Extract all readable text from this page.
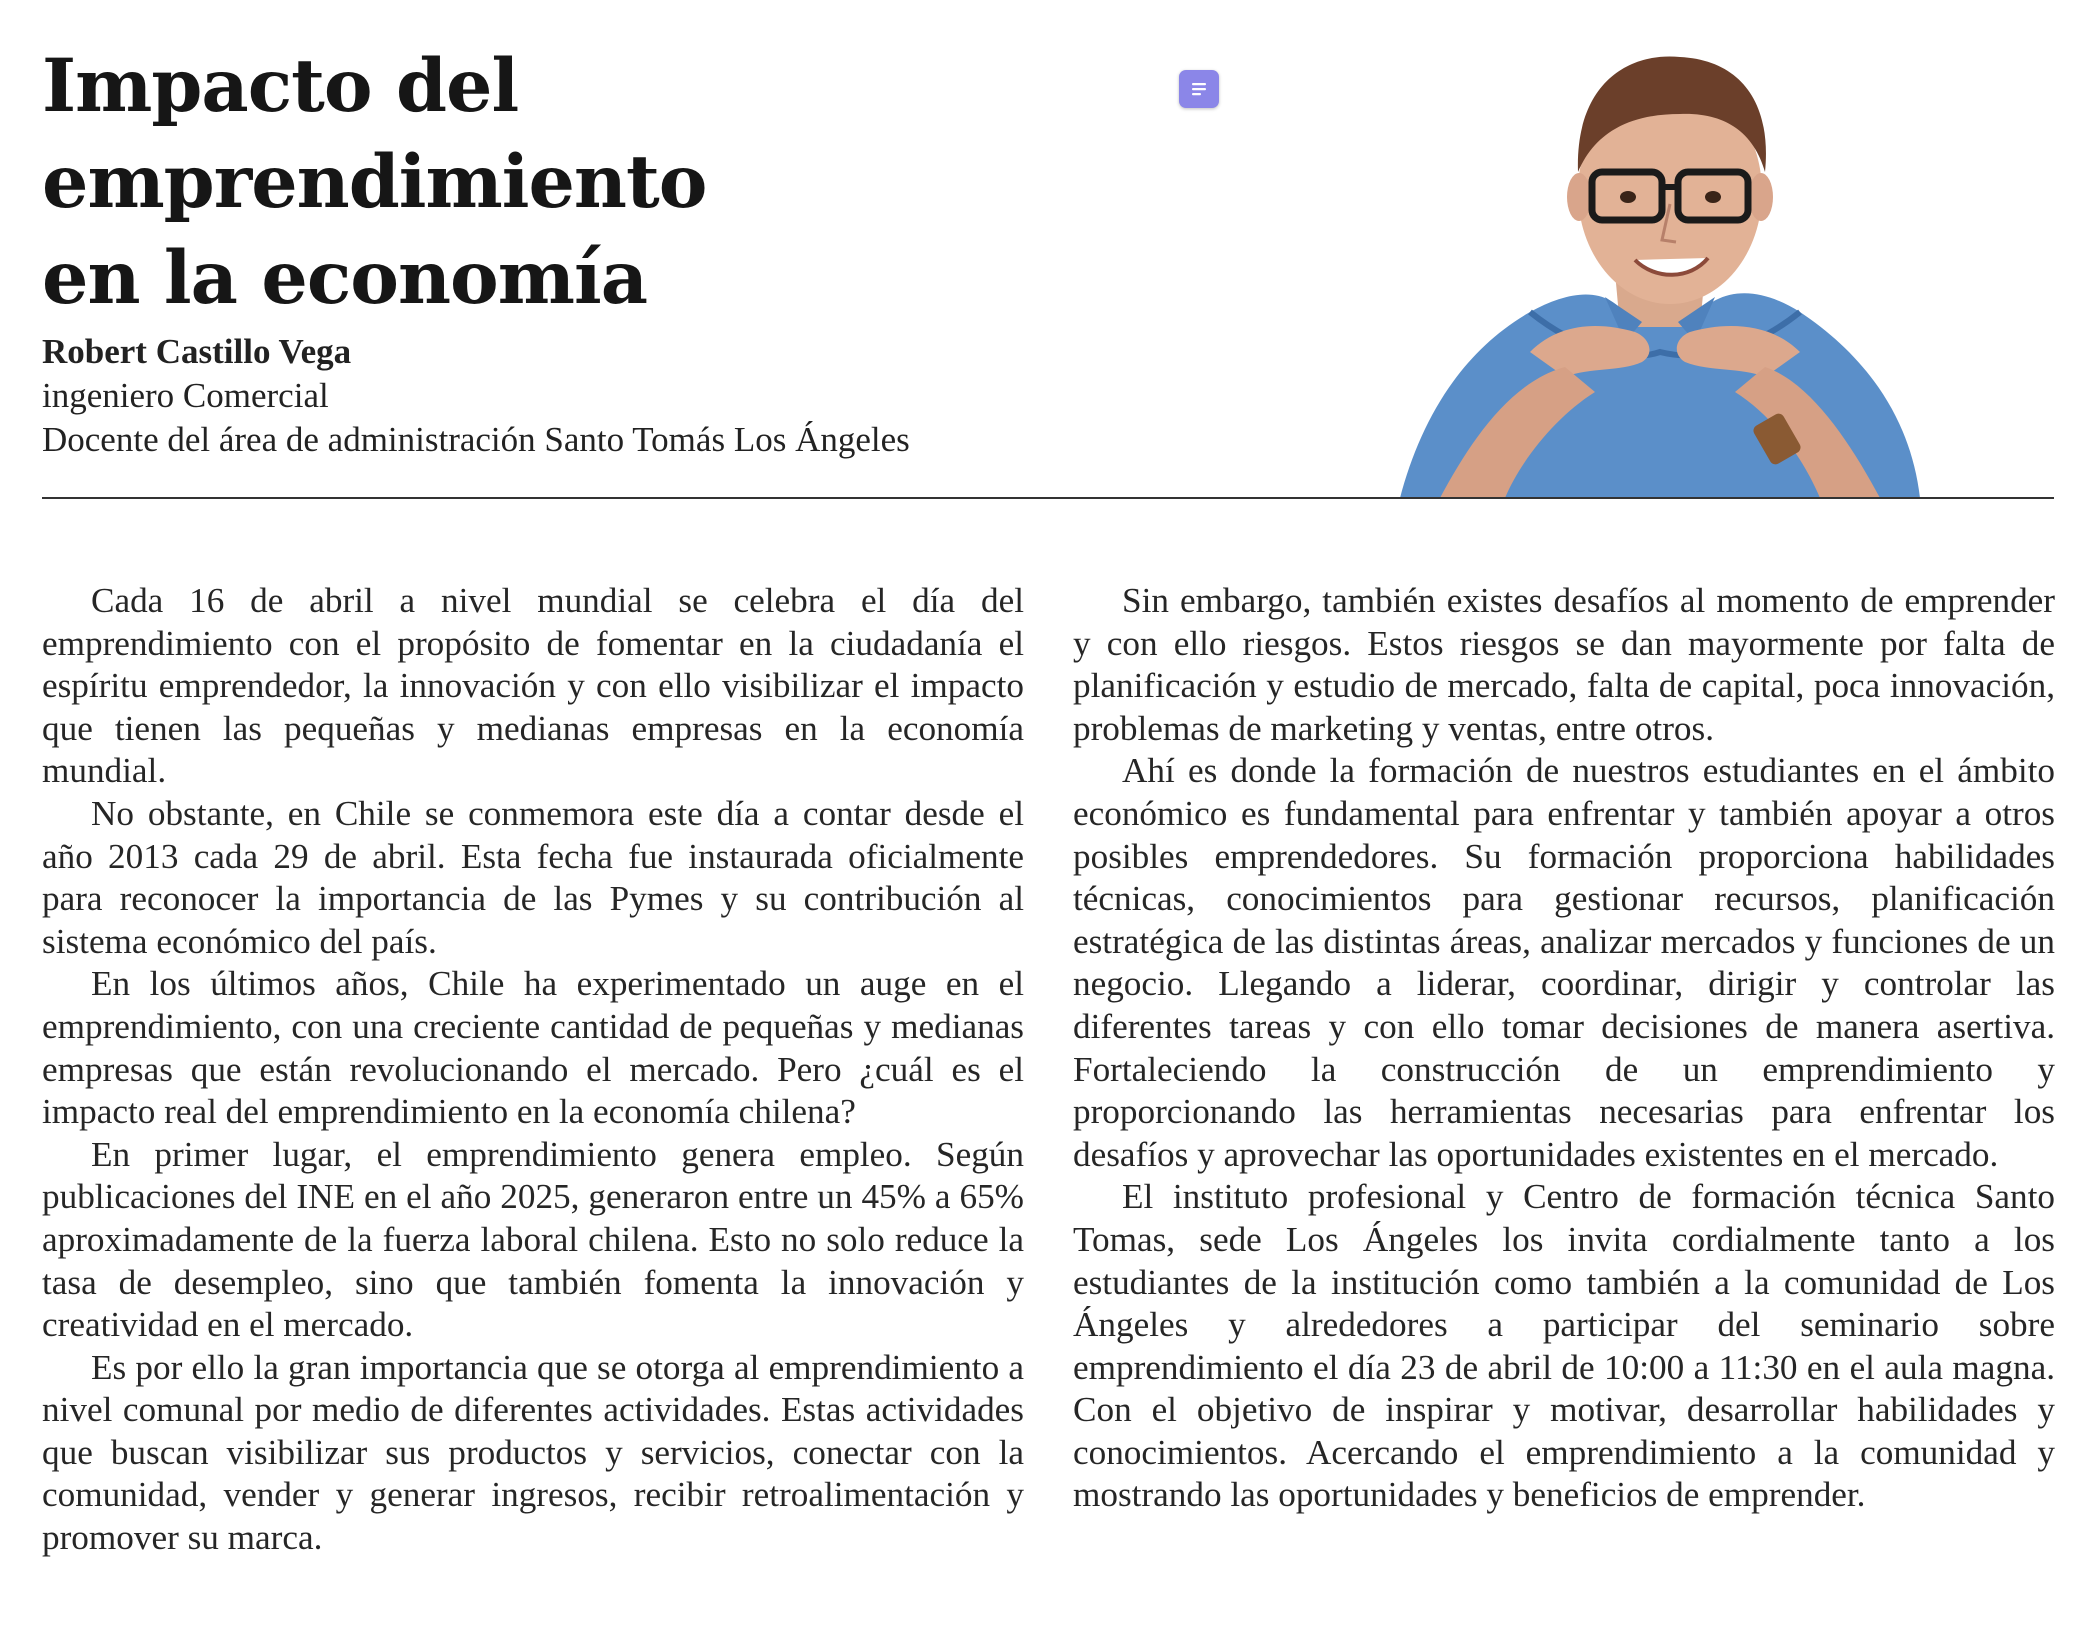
Impacto del emprendimiento
en la economía
Robert Castillo Vega
ingeniero Comercial
Docente del área de administración Santo Tomás Los Ángeles

Cada 16 de abril a nivel mundial se celebra el día del emprendimiento con el propósito de fomentar en la ciudadanía el espíritu emprendedor, la innovación y con ello visibilizar el impacto que tienen las pequeñas y medianas empresas en la economía mundial.

No obstante, en Chile se conmemora este día a contar desde el año 2013 cada 29 de abril. Esta fecha fue instaurada oficialmente para reconocer la importancia de las Pymes y su contribución al sistema económico del país.

En los últimos años, Chile ha experimentado un auge en el emprendimiento, con una creciente cantidad de pequeñas y medianas empresas que están revolucionando el mercado. Pero ¿cuál es el impacto real del emprendimiento en la economía chilena?

En primer lugar, el emprendimiento genera empleo. Según publicaciones del INE en el año 2025, generaron entre un 45% a 65% aproximadamente de la fuerza laboral chilena. Esto no solo reduce la tasa de desempleo, sino que también fomenta la innovación y creatividad en el mercado.

Es por ello la gran importancia que se otorga al emprendimiento a nivel comunal por medio de diferentes actividades. Estas actividades que buscan visibilizar sus productos y servicios, conectar con la comunidad, vender y generar ingresos, recibir retroalimentación y promover su marca.

Sin embargo, también existes desafíos al momento de emprender y con ello riesgos. Estos riesgos se dan mayormente por falta de planificación y estudio de mercado, falta de capital, poca innovación, problemas de marketing y ventas, entre otros.

Ahí es donde la formación de nuestros estudiantes en el ámbito económico es fundamental para enfrentar y también apoyar a otros posibles emprendedores. Su formación proporciona habilidades técnicas, conocimientos para gestionar recursos, planificación estratégica de las distintas áreas, analizar mercados y funciones de un negocio. Llegando a liderar, coordinar, dirigir y controlar las diferentes tareas y con ello tomar decisiones de manera asertiva. Fortaleciendo la construcción de un emprendimiento y proporcionando las herramientas necesarias para enfrentar los desafíos y aprovechar las oportunidades existentes en el mercado.

El instituto profesional y Centro de formación técnica Santo Tomas, sede Los Ángeles los invita cordialmente tanto a los estudiantes de la institución como también a la comunidad de Los Ángeles y alrededores a participar del seminario sobre emprendimiento el día 23 de abril de 10:00 a 11:30 en el aula magna. Con el objetivo de inspirar y motivar, desarrollar habilidades y conocimientos. Acercando el emprendimiento a la comunidad y mostrando las oportunidades y beneficios de emprender.
